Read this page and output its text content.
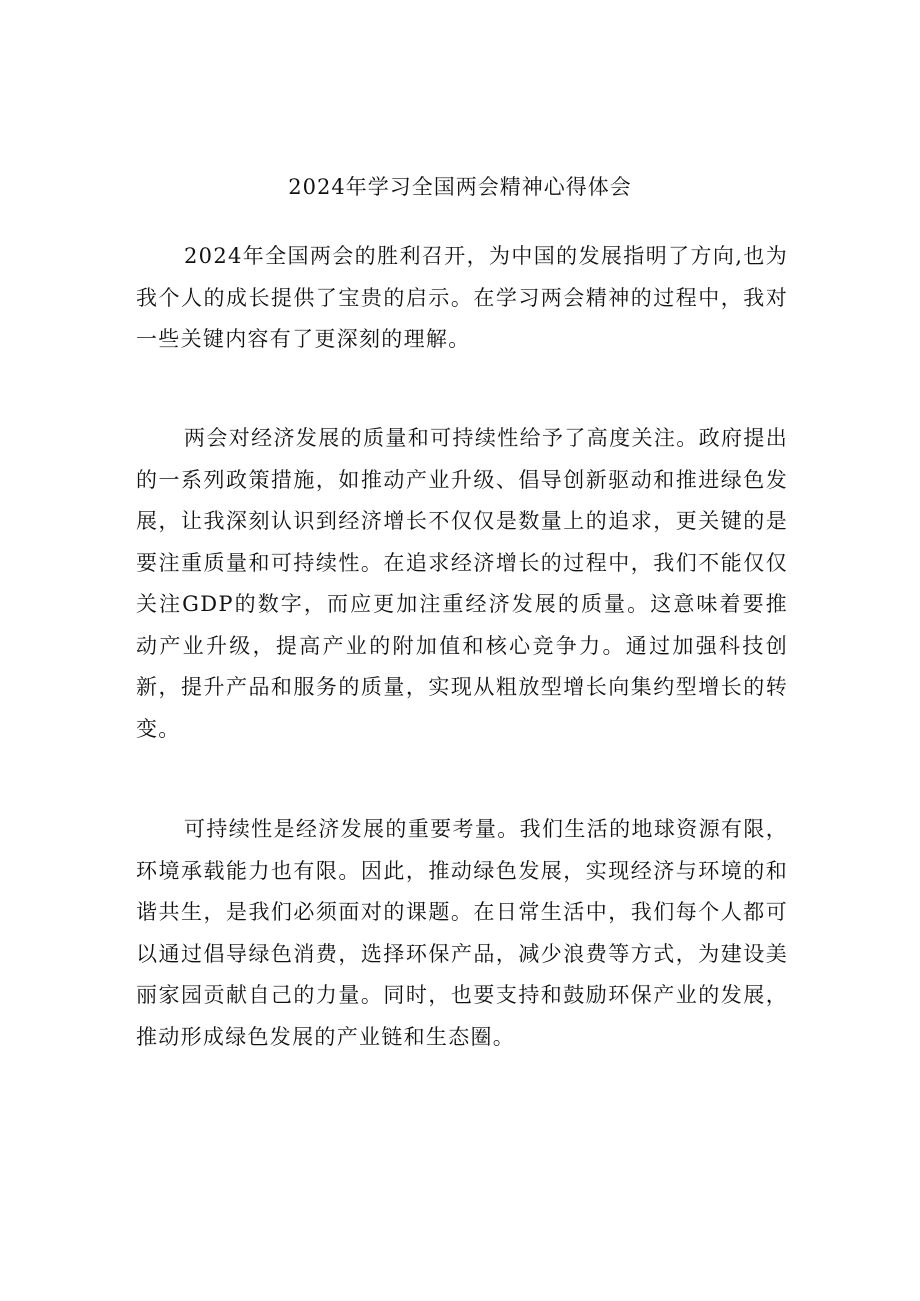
2024年学习全国两会精神心得体会

2024年全国两会的胜利召开，为中国的发展指明了方向,也为我个人的成长提供了宝贵的启示。在学习两会精神的过程中，我对一些关键内容有了更深刻的理解。

两会对经济发展的质量和可持续性给予了高度关注。政府提出的一系列政策措施，如推动产业升级、倡导创新驱动和推进绿色发展，让我深刻认识到经济增长不仅仅是数量上的追求，更关键的是要注重质量和可持续性。在追求经济增长的过程中，我们不能仅仅关注GDP的数字，而应更加注重经济发展的质量。这意味着要推动产业升级，提高产业的附加值和核心竞争力。通过加强科技创新，提升产品和服务的质量，实现从粗放型增长向集约型增长的转变。

可持续性是经济发展的重要考量。我们生活的地球资源有限，环境承载能力也有限。因此，推动绿色发展，实现经济与环境的和谐共生，是我们必须面对的课题。在日常生活中，我们每个人都可以通过倡导绿色消费，选择环保产品，减少浪费等方式，为建设美丽家园贡献自己的力量。同时，也要支持和鼓励环保产业的发展，推动形成绿色发展的产业链和生态圈。
